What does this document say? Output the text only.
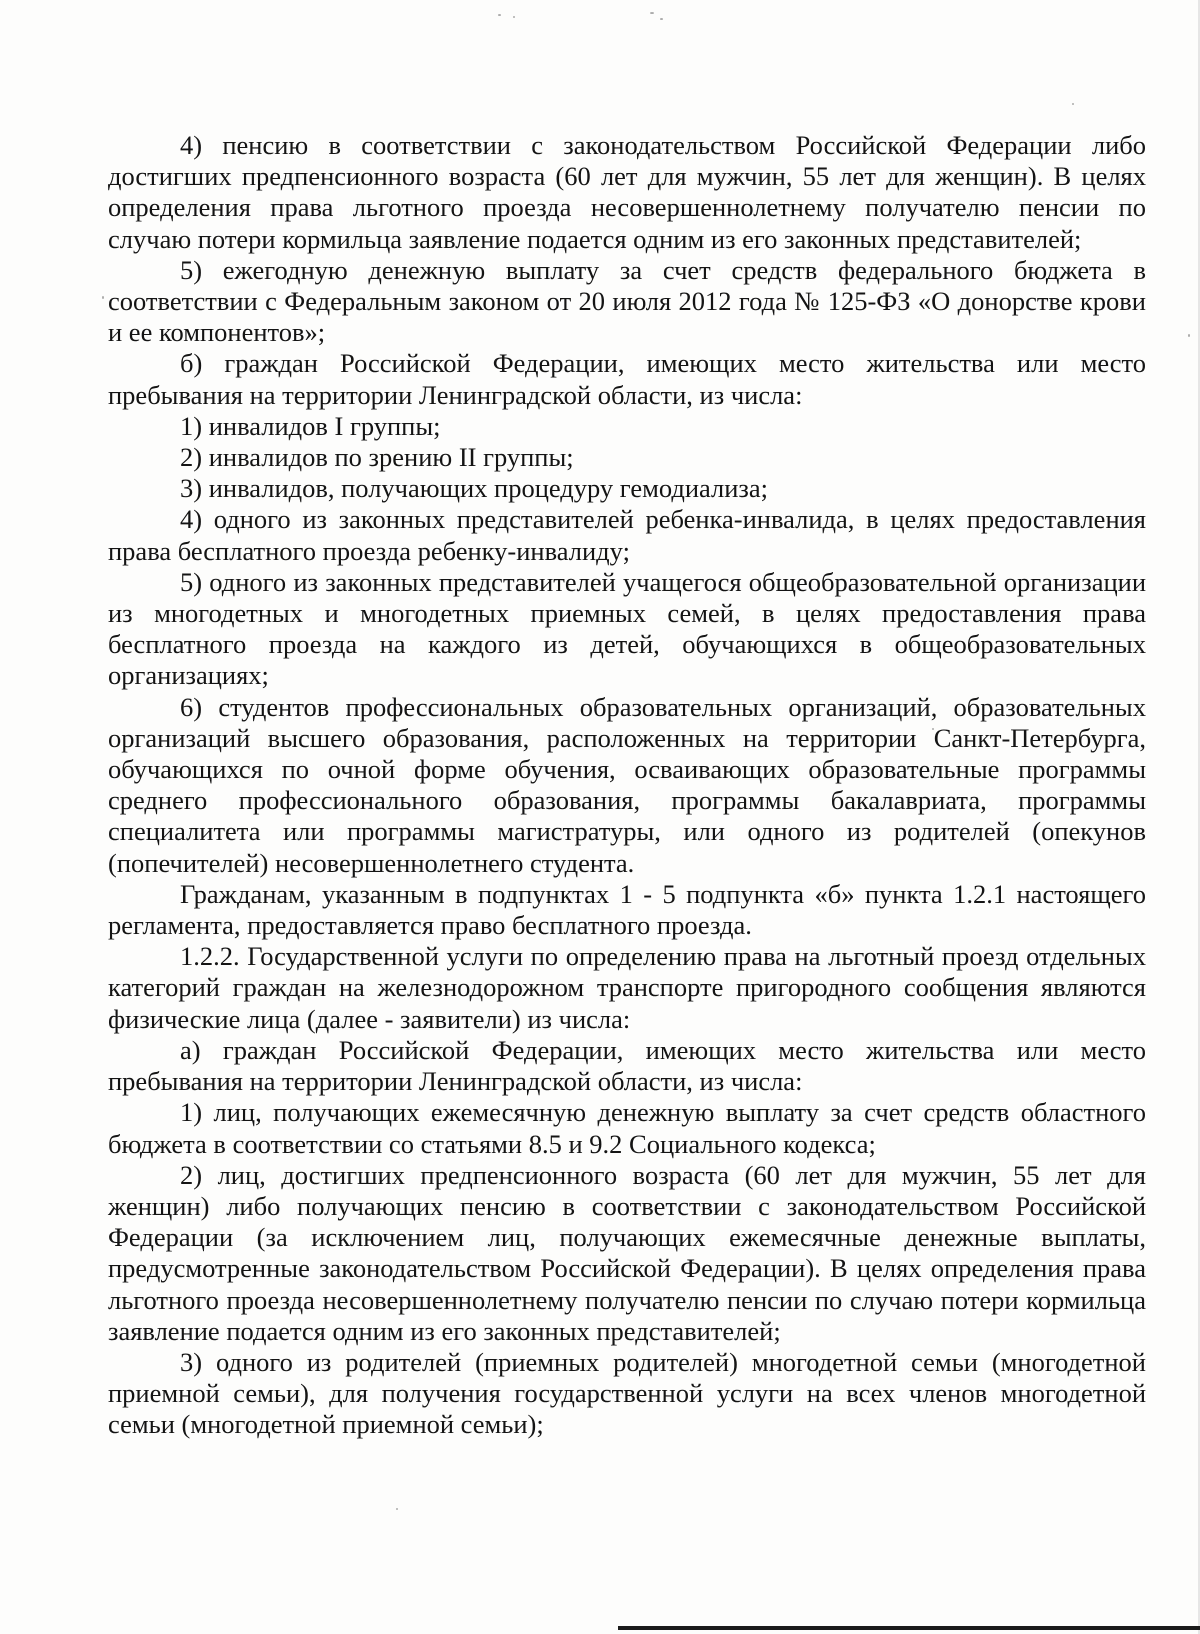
4) пенсию в соответствии с законодательством Российской Федерации либо достигших предпенсионного возраста (60 лет для мужчин, 55 лет для женщин). В целях определения права льготного проезда несовершеннолетнему получателю пенсии по случаю потери кормильца заявление подается одним из его законных представителей;

5) ежегодную денежную выплату за счет средств федерального бюджета в соответствии с Федеральным законом от 20 июля 2012 года № 125-ФЗ «О донорстве крови и ее компонентов»;

б) граждан Российской Федерации, имеющих место жительства или место пребывания на территории Ленинградской области, из числа:

1) инвалидов I группы;

2) инвалидов по зрению II группы;

3) инвалидов, получающих процедуру гемодиализа;

4) одного из законных представителей ребенка-инвалида, в целях предоставления права бесплатного проезда ребенку-инвалиду;

5) одного из законных представителей учащегося общеобразовательной организации из многодетных и многодетных приемных семей, в целях предоставления права бесплатного проезда на каждого из детей, обучающихся в общеобразовательных организациях;

6) студентов профессиональных образовательных организаций, образовательных организаций высшего образования, расположенных на территории Санкт-Петербурга, обучающихся по очной форме обучения, осваивающих образовательные программы среднего профессионального образования, программы бакалавриата, программы специалитета или программы магистратуры, или одного из родителей (опекунов (попечителей) несовершеннолетнего студента.

Гражданам, указанным в подпунктах 1 - 5 подпункта «б» пункта 1.2.1 настоящего регламента, предоставляется право бесплатного проезда.

1.2.2. Государственной услуги по определению права на льготный проезд отдельных категорий граждан на железнодорожном транспорте пригородного сообщения являются физические лица (далее - заявители) из числа:

а) граждан Российской Федерации, имеющих место жительства или место пребывания на территории Ленинградской области, из числа:

1) лиц, получающих ежемесячную денежную выплату за счет средств областного бюджета в соответствии со статьями 8.5 и 9.2 Социального кодекса;

2) лиц, достигших предпенсионного возраста (60 лет для мужчин, 55 лет для женщин) либо получающих пенсию в соответствии с законодательством Российской Федерации (за исключением лиц, получающих ежемесячные денежные выплаты, предусмотренные законодательством Российской Федерации). В целях определения права льготного проезда несовершеннолетнему получателю пенсии по случаю потери кормильца заявление подается одним из его законных представителей;

3) одного из родителей (приемных родителей) многодетной семьи (многодетной приемной семьи), для получения государственной услуги на всех членов многодетной семьи (многодетной приемной семьи);
